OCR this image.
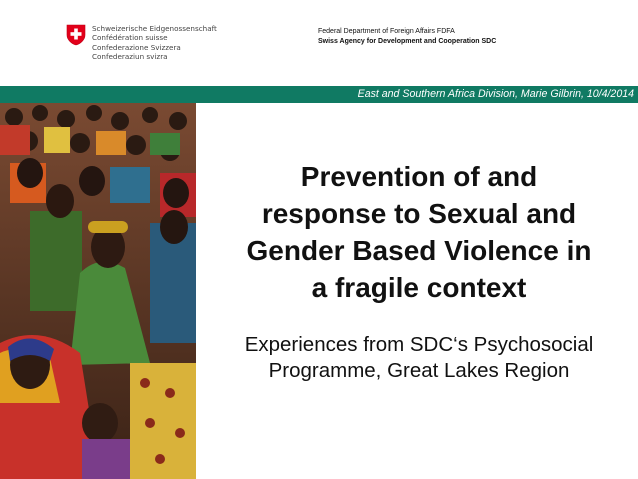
Schweizerische Eidgenossenschaft
Confédération suisse
Confederazione Svizzera
Confederaziun svizra
Federal Department of Foreign Affairs FDFA
Swiss Agency for Development and Cooperation SDC
East and Southern Africa Division, Marie Gilbrin, 10/4/2014
Prevention of and
response to Sexual and
Gender Based Violence in
a fragile context
Experiences from SDC‘s Psychosocial
Programme, Great Lakes Region
